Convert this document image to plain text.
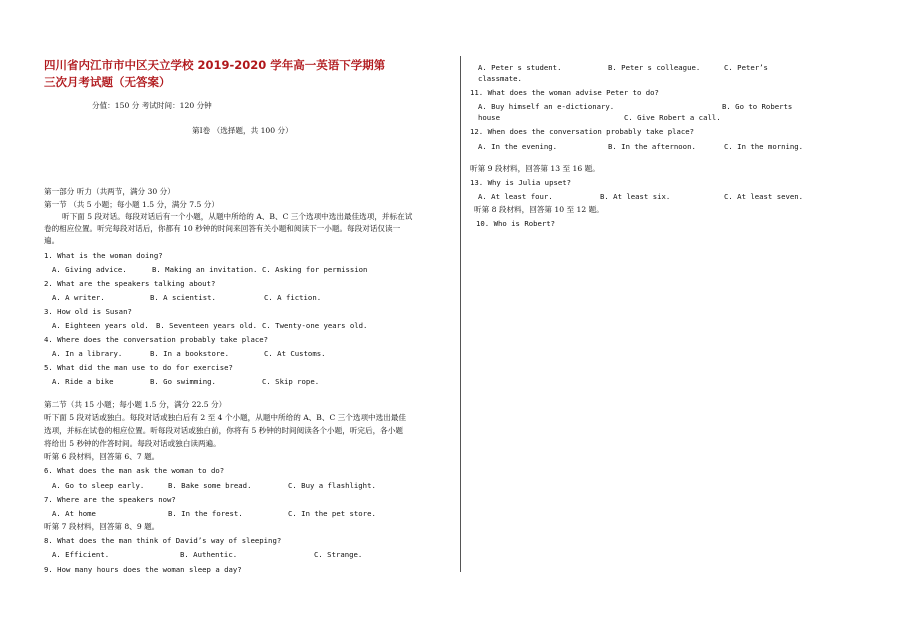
四川省内江市市中区天立学校 2019-2020 学年高一英语下学期第
三次月考试题（无答案）
分值：150 分 考试时间：120 分钟
第Ⅰ卷 （选择题，共 100 分）
第一部分 听力（共两节，满分 30 分）
第一节 （共 5 小题；每小题 1.5 分，满分 7.5 分）
听下面 5 段对话。每段对话后有一个小题，从题中所给的 A、B、C 三个选项中选出最佳选项，并标在试
卷的相应位置。听完每段对话后，你都有 10 秒钟的时间来回答有关小题和阅读下一小题。每段对话仅读一
遍。
1. What is the woman doing?
A. Giving advice.	B. Making an invitation. C. Asking for permission
2. What are the speakers talking about?
A. A writer.	B. A scientist.	C. A fiction.
3. How old is Susan?
A. Eighteen years old. B. Seventeen years old. C. Twenty-one years old.
4. Where does the conversation probably take place?
A. In a library.	B. In a bookstore.	C. At Customs.
5. What did the man use to do for exercise?
A. Ride a bike	B. Go swimming.	C. Skip rope.
第二节（共 15 小题；每小题 1.5 分，满分 22.5 分）
听下面 5 段对话或独白。每段对话或独白后有 2 至 4 个小题，从题中所给的 A、B、C 三个选项中选出最佳
选项，并标在试卷的相应位置。听每段对话或独白前，你将有 5 秒钟的时间阅读各个小题，听完后，各小题
将给出 5 秒钟的作答时间。每段对话或独白读两遍。
听第 6 段材料，回答第 6、7 题。
6. What does the man ask the woman to do?
A. Go to sleep early.	B. Bake some bread.	C. Buy a flashlight.
7. Where are the speakers now?
A. At home	B. In the forest.	C. In the pet store.
听第 7 段材料，回答第 8、9 题。
8. What does the man think of David’s way of sleeping?
A. Efficient.	B. Authentic.	C. Strange.
9. How many hours does the woman sleep a day?
A. Peter s student.	B. Peter s colleague.	C. Peter’s
classmate.
11. What does the woman advise Peter to do?
A. Buy himself an e-dictionary.	B. Go to Roberts
house	C. Give Robert a call.
12. When does the conversation probably take place?
A. In the evening.	B. In the afternoon.	C. In the morning.
听第 9 段材料，回答第 13 至 16 题。
13. Why is Julia upset?
A. At least four.	B. At least six.	C. At least seven.
听第 8 段材料，回答第 10 至 12 题。
10. Who is Robert?
